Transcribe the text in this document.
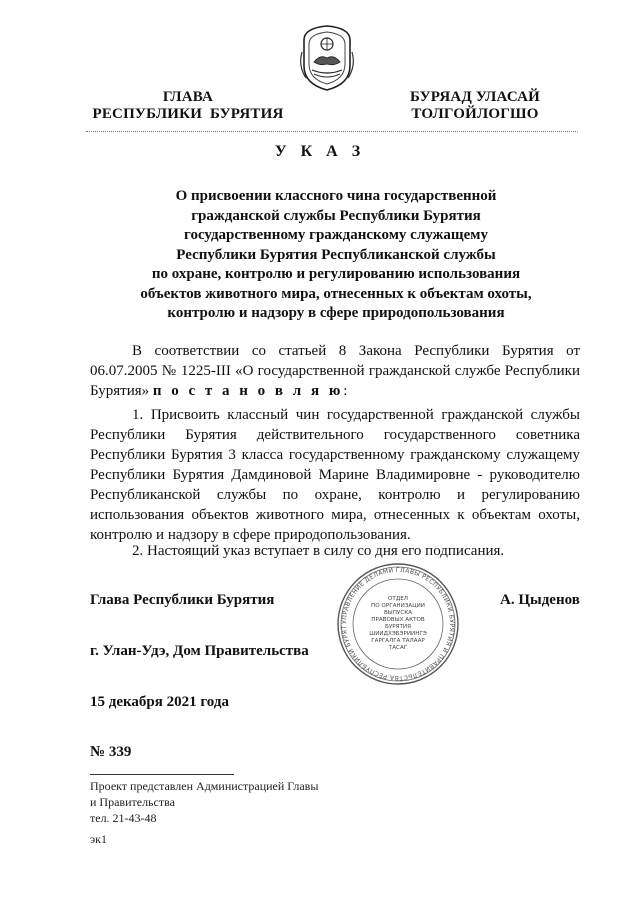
ГЛАВА
РЕСПУБЛИКИ  БУРЯТИЯ
БУРЯАД УЛАСАЙ
ТОЛГОЙЛОГШО
У К А З
О присвоении классного чина государственной
гражданской службы Республики Бурятия
государственному гражданскому служащему
Республики Бурятия Республиканской службы
по охране, контролю и регулированию использования
объектов животного мира, отнесенных к объектам охоты,
контролю и надзору в сфере природопользования
В соответствии со статьей 8 Закона Республики Бурятия от 06.07.2005 № 1225-III «О государственной гражданской службе Республики Бурятия» п о с т а н о в л я ю:
1. Присвоить классный чин государственной гражданской службы Республики Бурятия действительного государственного советника Республики Бурятия 3 класса государственному гражданскому служащему Республики Бурятия Дамдиновой Марине Владимировне - руководителю Республиканской службы по охране, контролю и регулированию использования объектов животного мира, отнесенных к объектам охоты, контролю и надзору в сфере природопользования.
2. Настоящий указ вступает в силу со дня его подписания.
УПРАВЛЕНИЕ ДЕЛАМИ ГЛАВЫ РЕСПУБЛИКИ БУРЯТИЯ И ПРАВИТЕЛЬСТВА РЕСПУБЛИКИ БУРЯТ
ОТДЕЛ
ПО ОРГАНИЗАЦИИ
ВЫПУСКА
ПРАВОВЫХ АКТОВ
БУРЯТИЯ
ШИИДХЭБЭРИИНГЭ
ГАРГАЛГА ТАЛААР
ТАСАГ
Глава Республики Бурятия	А. Цыденов
г. Улан-Удэ, Дом Правительства
15 декабря 2021 года
№ 339
Проект представлен Администрацией Главы
и Правительства
тел. 21-43-48
эк1
